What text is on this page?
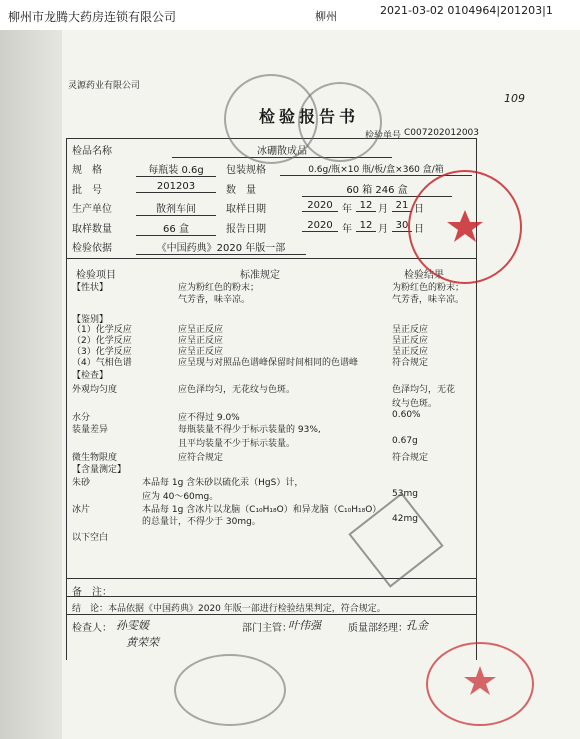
柳州市龙腾大药房连锁有限公司	柳州	2021-03-02 0104964|201203|1
灵源药业有限公司
检验报告书
109
检验单号 C007202012003
检品名称	冰硼散成品
规　格	每瓶装 0.6g	包装规格	0.6g/瓶×10 瓶/板/盒×360 盒/箱
批　号	201203	数　量	60 箱 246 盒
生产单位	散剂车间	取样日期	2020 年 12 月 21 日
取样数量	66 盒	报告日期	2020 年 12 月 30 日
检验依据	《中国药典》2020 年版一部
检验项目	标准规定	检验结果
【性状】	应为粉红色的粉末；	为粉红色的粉末；
气芳香，味辛凉。	气芳香，味辛凉。
【鉴别】
（1）化学反应	应呈正反应	呈正反应
（2）化学反应	应呈正反应	呈正反应
（3）化学反应	应呈正反应	呈正反应
（4）气相色谱	应呈现与对照品色谱峰保留时间相同的色谱峰	符合规定
【检查】
外观均匀度	应色泽均匀，无花纹与色斑。	色泽均匀，无花
纹与色斑。
水分	应不得过 9.0%	0.60%
装量差异	每瓶装量不得少于标示装量的 93%,
且平均装量不少于标示装量。	0.67g
微生物限度	应符合规定	符合规定
【含量测定】
朱砂	本品每 1g 含朱砂以硫化汞（HgS）计，
应为 40～60mg。	53mg
冰片	本品每 1g 含冰片以龙脑（C₁₀H₁₈O）和异龙脑（C₁₀H₁₈O）
的总量计，不得少于 30mg。	42mg
以下空白
备　注：
结　论：本品依据《中国药典》2020 年版一部进行检验结果判定，符合规定。
检查人： 孙雯媛
黄荣荣
部门主管：
叶伟强	质量部经理：
孔金
